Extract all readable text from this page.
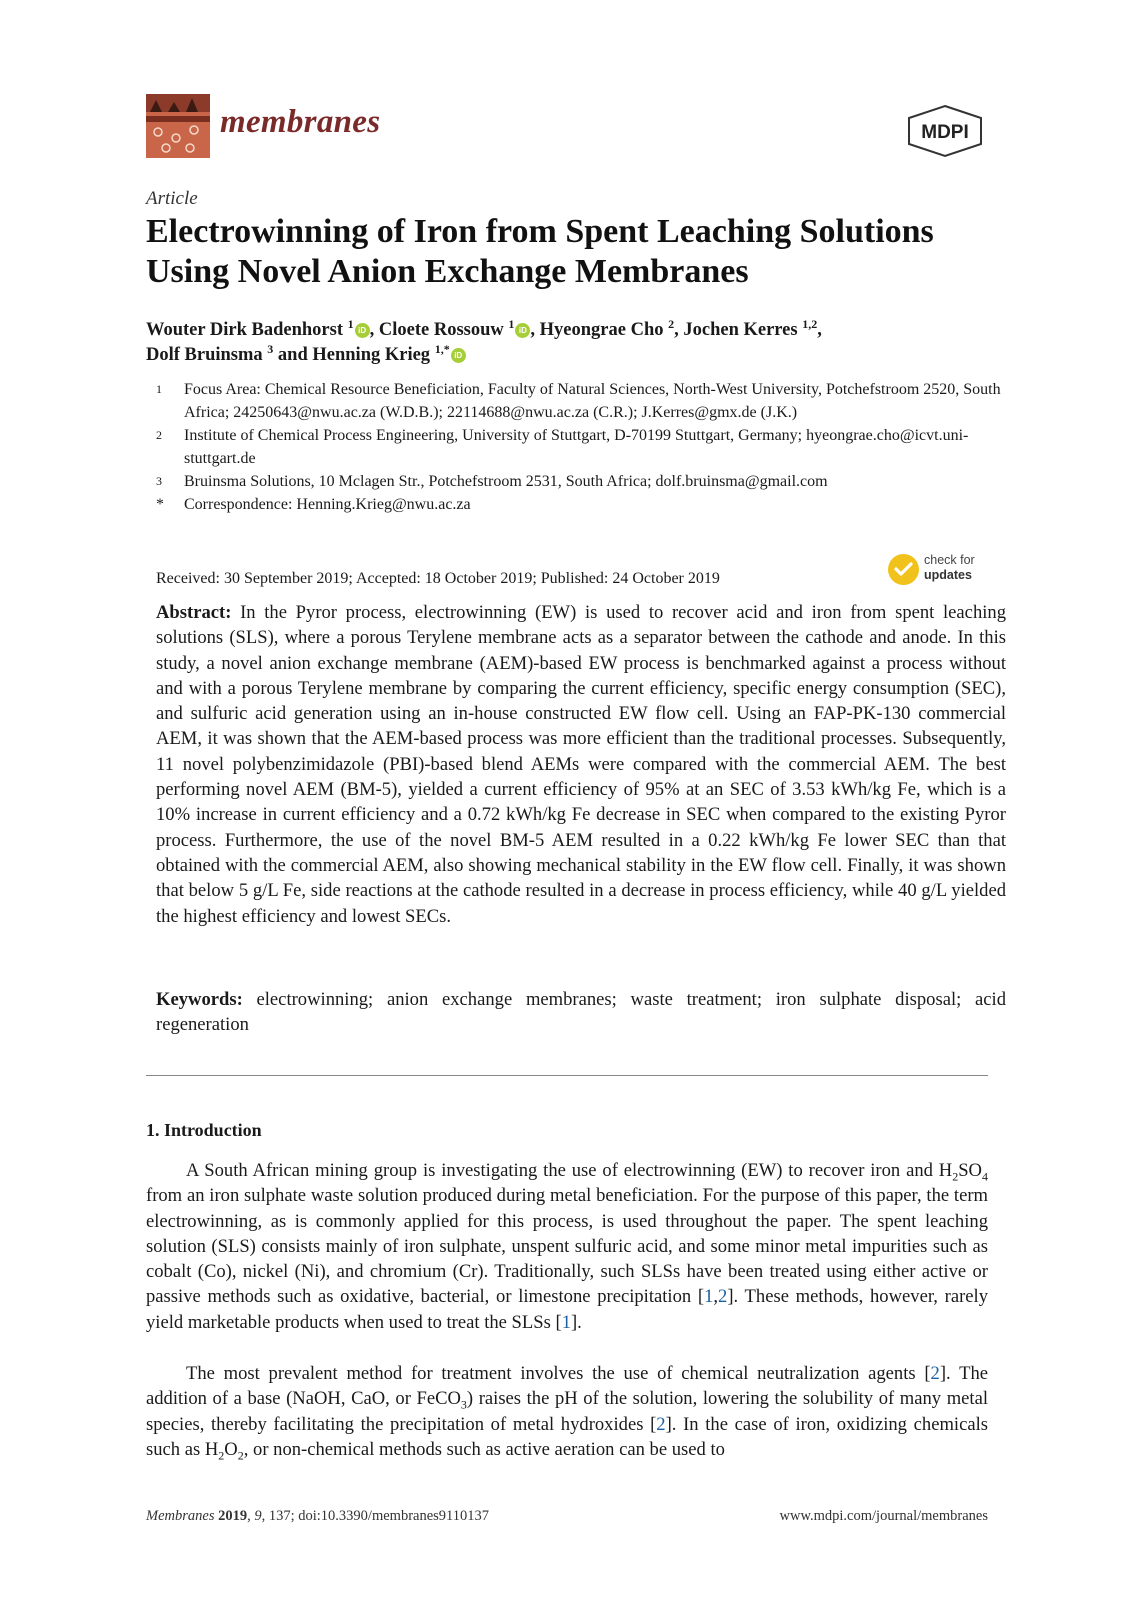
membranes	MDPI
Article
Electrowinning of Iron from Spent Leaching Solutions Using Novel Anion Exchange Membranes
Wouter Dirk Badenhorst $^1$ iD , Cloete Rossouw $^1$ iD , Hyeongrae Cho $^2$, Jochen Kerres $^{1,2}$,
Dolf Bruinsma $^3$ and Henning Krieg $^{1,*}$ iD
1	Focus Area: Chemical Resource Beneficiation, Faculty of Natural Sciences, North-West University, Potchefstroom 2520, South Africa; 24250643@nwu.ac.za (W.D.B.); 22114688@nwu.ac.za (C.R.); J.Kerres@gmx.de (J.K.)
2	Institute of Chemical Process Engineering, University of Stuttgart, D-70199 Stuttgart, Germany; hyeongrae.cho@icvt.uni-stuttgart.de
3	Bruinsma Solutions, 10 Mclagen Str., Potchefstroom 2531, South Africa; dolf.bruinsma@gmail.com
*	Correspondence: Henning.Krieg@nwu.ac.za
Received: 30 September 2019; Accepted: 18 October 2019; Published: 24 October 2019
check for
updates

Abstract: In the Pyror process, electrowinning (EW) is used to recover acid and iron from spent leaching solutions (SLS), where a porous Terylene membrane acts as a separator between the cathode and anode. In this study, a novel anion exchange membrane (AEM)-based EW process is benchmarked against a process without and with a porous Terylene membrane by comparing the current efficiency, specific energy consumption (SEC), and sulfuric acid generation using an in-house constructed EW flow cell. Using an FAP-PK-130 commercial AEM, it was shown that the AEM-based process was more efficient than the traditional processes. Subsequently, 11 novel polybenzimidazole (PBI)-based blend AEMs were compared with the commercial AEM. The best performing novel AEM (BM-5), yielded a current efficiency of 95% at an SEC of 3.53 kWh/kg Fe, which is a 10% increase in current efficiency and a 0.72 kWh/kg Fe decrease in SEC when compared to the existing Pyror process. Furthermore, the use of the novel BM-5 AEM resulted in a 0.22 kWh/kg Fe lower SEC than that obtained with the commercial AEM, also showing mechanical stability in the EW flow cell. Finally, it was shown that below 5 g/L Fe, side reactions at the cathode resulted in a decrease in process efficiency, while 40 g/L yielded the highest efficiency and lowest SECs.

Keywords: electrowinning; anion exchange membranes; waste treatment; iron sulphate disposal; acid regeneration

1. Introduction

A South African mining group is investigating the use of electrowinning (EW) to recover iron and $H_2SO_4$ from an iron sulphate waste solution produced during metal beneficiation. For the purpose of this paper, the term electrowinning, as is commonly applied for this process, is used throughout the paper. The spent leaching solution (SLS) consists mainly of iron sulphate, unspent sulfuric acid, and some minor metal impurities such as cobalt (Co), nickel (Ni), and chromium (Cr). Traditionally, such SLSs have been treated using either active or passive methods such as oxidative, bacterial, or limestone precipitation [1,2]. These methods, however, rarely yield marketable products when used to treat the SLSs [1].

The most prevalent method for treatment involves the use of chemical neutralization agents [2]. The addition of a base (NaOH, CaO, or FeCO$_3$) raises the pH of the solution, lowering the solubility of many metal species, thereby facilitating the precipitation of metal hydroxides [2]. In the case of iron, oxidizing chemicals such as $H_2O_2$, or non-chemical methods such as active aeration can be used to

Membranes 2019, 9, 137; doi:10.3390/membranes9110137	www.mdpi.com/journal/membranes
